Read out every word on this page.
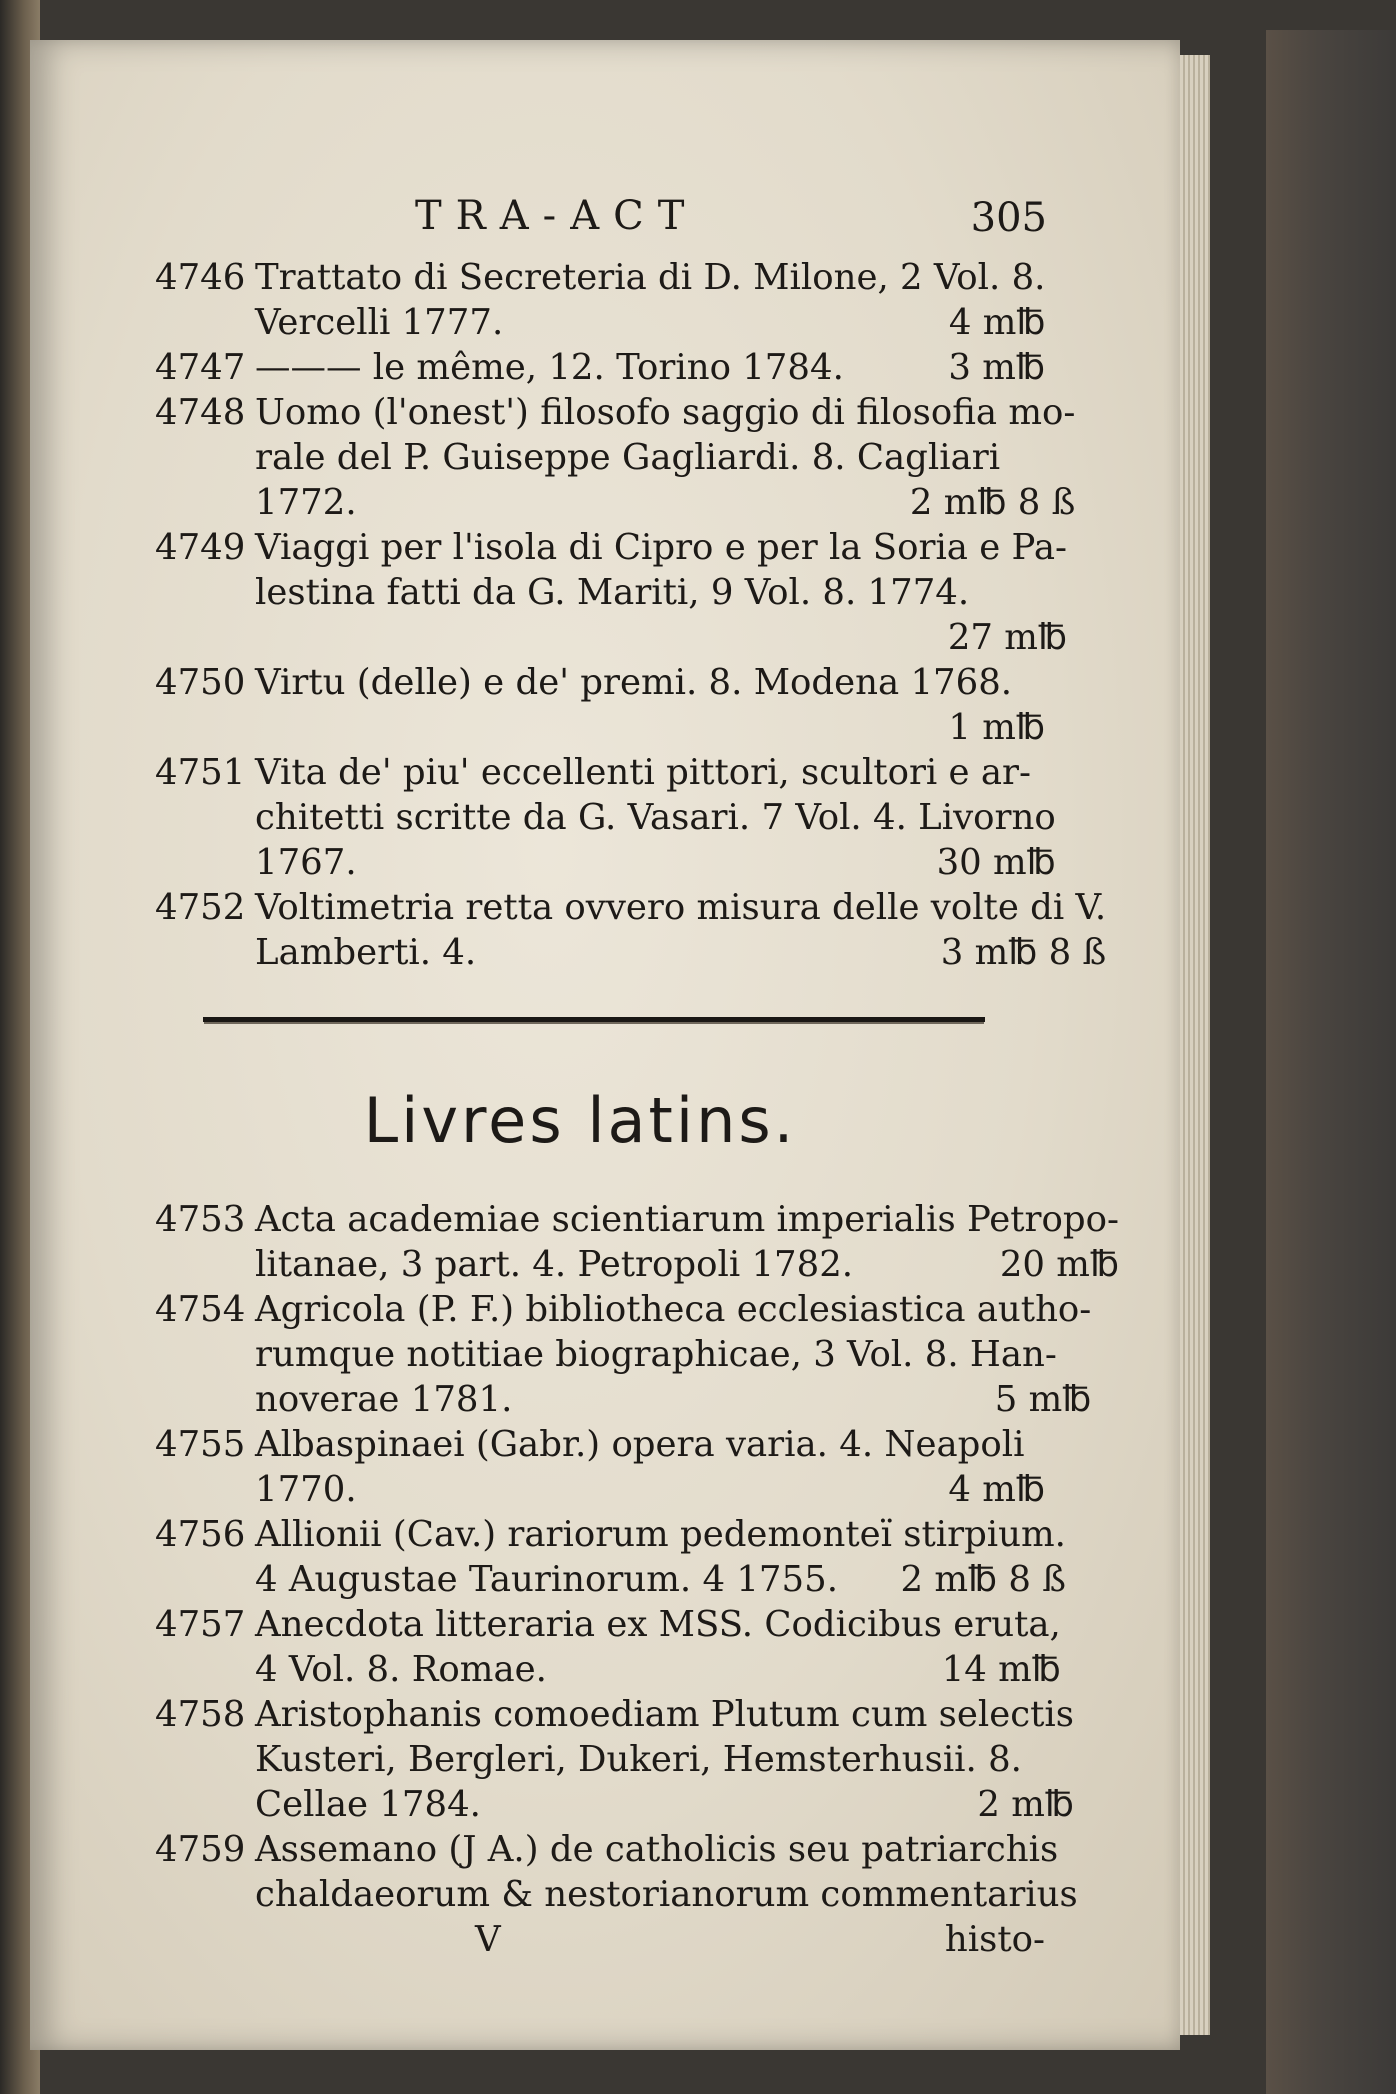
TRA-ACT	305
4746 Trattato di Secreteria di D. Milone, 2 Vol. 8.
Vercelli 1777.	4 m℔
4747 ——— le même, 12. Torino 1784.	3 m℔
4748 Uomo (l'onest') filosofo saggio di filosofia mo-
rale del P. Guiseppe Gagliardi. 8. Cagliari
1772.	2 m℔ 8 ß
4749 Viaggi per l'isola di Cipro e per la Soria e Pa-
lestina fatti da G. Mariti, 9 Vol. 8. 1774.
27 m℔
4750 Virtu (delle) e de' premi. 8. Modena 1768.
1 m℔
4751 Vita de' piu' eccellenti pittori, scultori e ar-
chitetti scritte da G. Vasari. 7 Vol. 4. Livorno
1767.	30 m℔
4752 Voltimetria retta ovvero misura delle volte di V.
Lamberti. 4.	3 m℔ 8 ß
Livres latins.
4753 Acta academiae scientiarum imperialis Petropo-
litanae, 3 part. 4. Petropoli 1782.	20 m℔
4754 Agricola (P. F.) bibliotheca ecclesiastica autho-
rumque notitiae biographicae, 3 Vol. 8. Han-
noverae 1781.	5 m℔
4755 Albaspinaei (Gabr.) opera varia. 4. Neapoli
1770.	4 m℔
4756 Allionii (Cav.) rariorum pedemonteï stirpium.
4 Augustae Taurinorum. 4 1755. 2 m℔ 8 ß
4757 Anecdota litteraria ex MSS. Codicibus eruta,
4 Vol. 8. Romae.	14 m℔
4758 Aristophanis comoediam Plutum cum selectis
Kusteri, Bergleri, Dukeri, Hemsterhusii. 8.
Cellae 1784.	2 m℔
4759 Assemano (J A.) de catholicis seu patriarchis
chaldaeorum & nestorianorum commentarius
V	histo-
